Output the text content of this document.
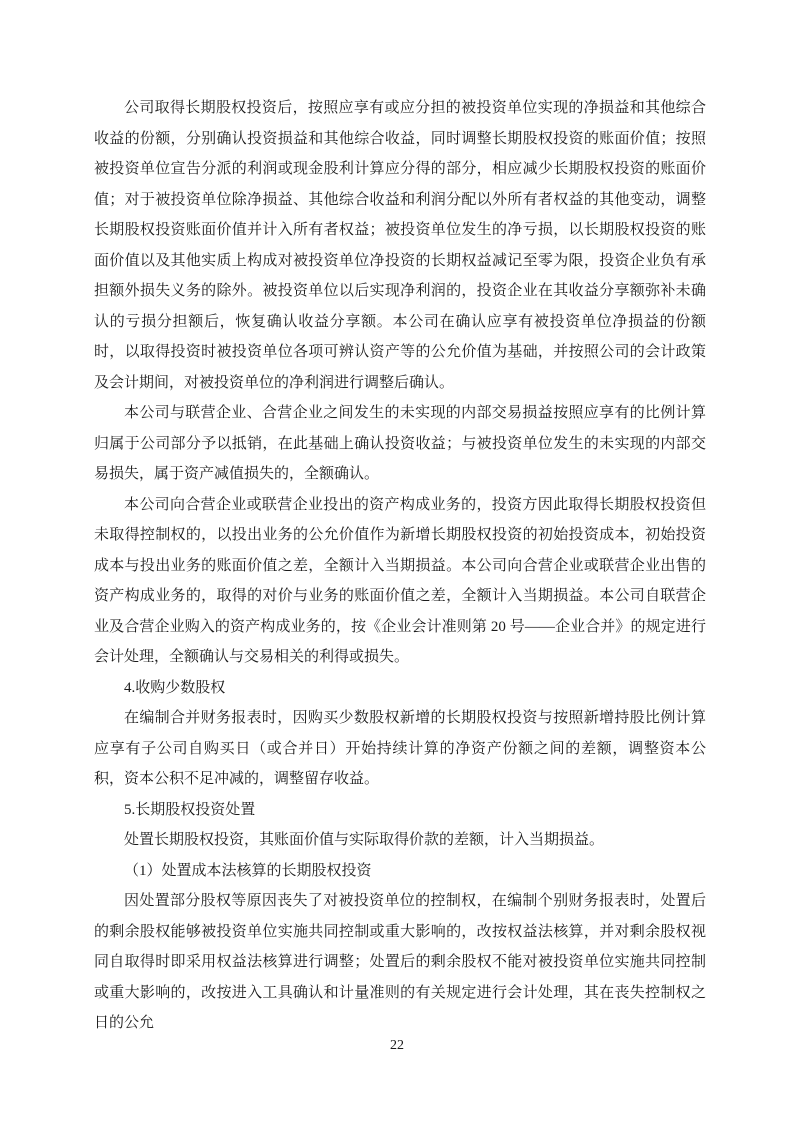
公司取得长期股权投资后，按照应享有或应分担的被投资单位实现的净损益和其他综合收益的份额，分别确认投资损益和其他综合收益，同时调整长期股权投资的账面价值；按照被投资单位宣告分派的利润或现金股利计算应分得的部分，相应减少长期股权投资的账面价值；对于被投资单位除净损益、其他综合收益和利润分配以外所有者权益的其他变动，调整长期股权投资账面价值并计入所有者权益；被投资单位发生的净亏损，以长期股权投资的账面价值以及其他实质上构成对被投资单位净投资的长期权益减记至零为限，投资企业负有承担额外损失义务的除外。被投资单位以后实现净利润的，投资企业在其收益分享额弥补未确认的亏损分担额后，恢复确认收益分享额。本公司在确认应享有被投资单位净损益的份额时，以取得投资时被投资单位各项可辨认资产等的公允价值为基础，并按照公司的会计政策及会计期间，对被投资单位的净利润进行调整后确认。

本公司与联营企业、合营企业之间发生的未实现的内部交易损益按照应享有的比例计算归属于公司部分予以抵销，在此基础上确认投资收益；与被投资单位发生的未实现的内部交易损失，属于资产减值损失的，全额确认。

本公司向合营企业或联营企业投出的资产构成业务的，投资方因此取得长期股权投资但未取得控制权的，以投出业务的公允价值作为新增长期股权投资的初始投资成本，初始投资成本与投出业务的账面价值之差，全额计入当期损益。本公司向合营企业或联营企业出售的资产构成业务的，取得的对价与业务的账面价值之差，全额计入当期损益。本公司自联营企业及合营企业购入的资产构成业务的，按《企业会计准则第 20 号——企业合并》的规定进行会计处理，全额确认与交易相关的利得或损失。

4.收购少数股权

在编制合并财务报表时，因购买少数股权新增的长期股权投资与按照新增持股比例计算应享有子公司自购买日（或合并日）开始持续计算的净资产份额之间的差额，调整资本公积，资本公积不足冲减的，调整留存收益。

5.长期股权投资处置

处置长期股权投资，其账面价值与实际取得价款的差额，计入当期损益。

（1）处置成本法核算的长期股权投资

因处置部分股权等原因丧失了对被投资单位的控制权，在编制个别财务报表时，处置后的剩余股权能够被投资单位实施共同控制或重大影响的，改按权益法核算，并对剩余股权视同自取得时即采用权益法核算进行调整；处置后的剩余股权不能对被投资单位实施共同控制或重大影响的，改按进入工具确认和计量准则的有关规定进行会计处理，其在丧失控制权之日的公允

22
